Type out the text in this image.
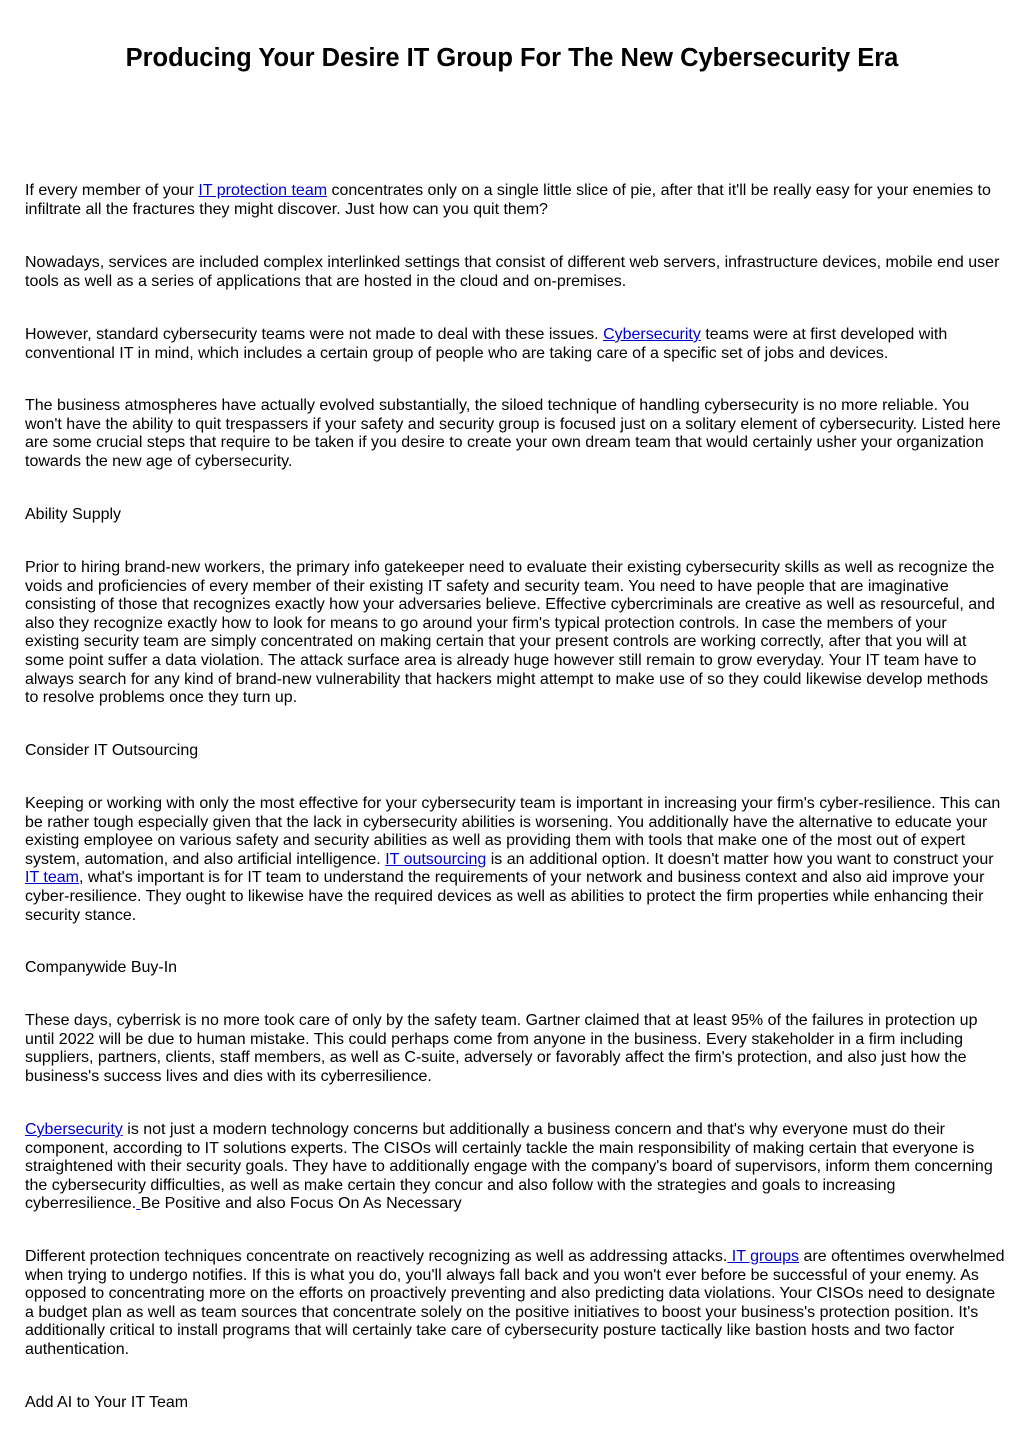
Producing Your Desire IT Group For The New Cybersecurity Era

If every member of your IT protection team concentrates only on a single little slice of pie, after that it'll be really easy for your enemies to infiltrate all the fractures they might discover. Just how can you quit them?

Nowadays, services are included complex interlinked settings that consist of different web servers, infrastructure devices, mobile end user tools as well as a series of applications that are hosted in the cloud and on-premises.

However, standard cybersecurity teams were not made to deal with these issues. Cybersecurity teams were at first developed with conventional IT in mind, which includes a certain group of people who are taking care of a specific set of jobs and devices.

The business atmospheres have actually evolved substantially, the siloed technique of handling cybersecurity is no more reliable. You won't have the ability to quit trespassers if your safety and security group is focused just on a solitary element of cybersecurity. Listed here are some crucial steps that require to be taken if you desire to create your own dream team that would certainly usher your organization towards the new age of cybersecurity.

Ability Supply

Prior to hiring brand-new workers, the primary info gatekeeper need to evaluate their existing cybersecurity skills as well as recognize the voids and proficiencies of every member of their existing IT safety and security team. You need to have people that are imaginative consisting of those that recognizes exactly how your adversaries believe. Effective cybercriminals are creative as well as resourceful, and also they recognize exactly how to look for means to go around your firm's typical protection controls. In case the members of your existing security team are simply concentrated on making certain that your present controls are working correctly, after that you will at some point suffer a data violation. The attack surface area is already huge however still remain to grow everyday. Your IT team have to always search for any kind of brand-new vulnerability that hackers might attempt to make use of so they could likewise develop methods to resolve problems once they turn up.

Consider IT Outsourcing

Keeping or working with only the most effective for your cybersecurity team is important in increasing your firm's cyber-resilience. This can be rather tough especially given that the lack in cybersecurity abilities is worsening. You additionally have the alternative to educate your existing employee on various safety and security abilities as well as providing them with tools that make one of the most out of expert system, automation, and also artificial intelligence. IT outsourcing is an additional option. It doesn't matter how you want to construct your IT team, what's important is for IT team to understand the requirements of your network and business context and also aid improve your cyber-resilience. They ought to likewise have the required devices as well as abilities to protect the firm properties while enhancing their security stance.

Companywide Buy-In

These days, cyberrisk is no more took care of only by the safety team. Gartner claimed that at least 95% of the failures in protection up until 2022 will be due to human mistake. This could perhaps come from anyone in the business. Every stakeholder in a firm including suppliers, partners, clients, staff members, as well as C-suite, adversely or favorably affect the firm's protection, and also just how the business's success lives and dies with its cyberresilience.

Cybersecurity is not just a modern technology concerns but additionally a business concern and that's why everyone must do their component, according to IT solutions experts. The CISOs will certainly tackle the main responsibility of making certain that everyone is straightened with their security goals. They have to additionally engage with the company's board of supervisors, inform them concerning the cybersecurity difficulties, as well as make certain they concur and also follow with the strategies and goals to increasing cyberresilience. Be Positive and also Focus On As Necessary

Different protection techniques concentrate on reactively recognizing as well as addressing attacks. IT groups are oftentimes overwhelmed when trying to undergo notifies. If this is what you do, you'll always fall back and you won't ever before be successful of your enemy. As opposed to concentrating more on the efforts on proactively preventing and also predicting data violations. Your CISOs need to designate a budget plan as well as team sources that concentrate solely on the positive initiatives to boost your business's protection position. It's additionally critical to install programs that will certainly take care of cybersecurity posture tactically like bastion hosts and two factor authentication.

Add AI to Your IT Team
